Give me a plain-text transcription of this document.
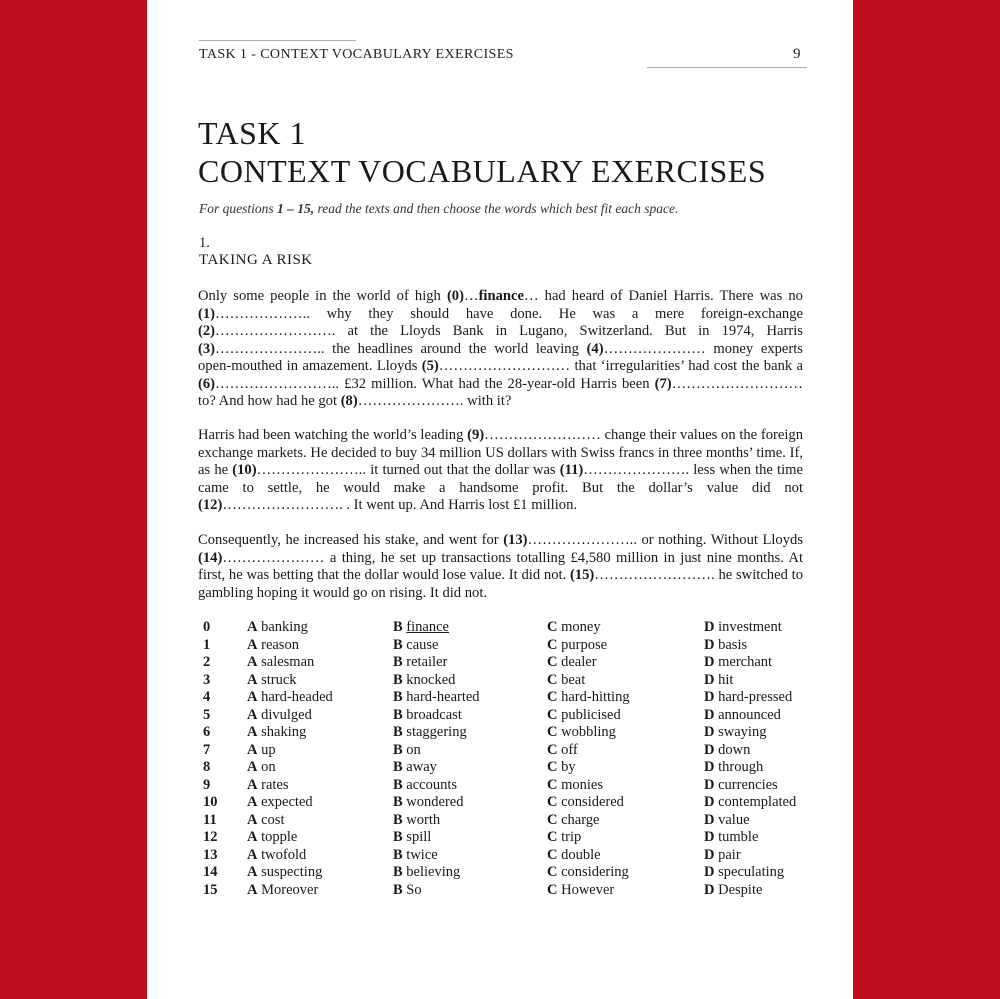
TASK 1 - CONTEXT VOCABULARY EXERCISES	9
TASK 1
CONTEXT VOCABULARY EXERCISES
For questions 1 – 15, read the texts and then choose the words which best fit each space.
1.
TAKING A RISK

Only some people in the world of high (0)…finance… had heard of Daniel Harris. There was no (1)……………….. why they should have done. He was a mere foreign-exchange (2)……………………. at the Lloyds Bank in Lugano, Switzerland. But in 1974, Harris (3)………………….. the headlines around the world leaving (4)………………… money experts open-mouthed in amazement. Lloyds (5)……………………… that ‘irregularities’ had cost the bank a (6)…………………….. £32 million. What had the 28-year-old Harris been (7)……………………… to? And how had he got (8)…………………. with it?

Harris had been watching the world’s leading (9)…………………… change their values on the foreign exchange markets. He decided to buy 34 million US dollars with Swiss francs in three months’ time. If, as he (10)………………….. it turned out that the dollar was (11)…………………. less when the time came to settle, he would make a handsome profit. But the dollar’s value did not (12)……………………. . It went up. And Harris lost £1 million.

Consequently, he increased his stake, and went for (13)………………….. or nothing. Without Lloyds (14)………………… a thing, he set up transactions totalling £4,580 million in just nine months. At first, he was betting that the dollar would lose value. It did not. (15)……………………. he switched to gambling hoping it would go on rising. It did not.

0	A banking	B finance	C money	D investment
1	A reason	B cause	C purpose	D basis
2	A salesman	B retailer	C dealer	D merchant
3	A struck	B knocked	C beat	D hit
4	A hard-headed	B hard-hearted	C hard-hitting	D hard-pressed
5	A divulged	B broadcast	C publicised	D announced
6	A shaking	B staggering	C wobbling	D swaying
7	A up	B on	C off	D down
8	A on	B away	C by	D through
9	A rates	B accounts	C monies	D currencies
10	A expected	B wondered	C considered	D contemplated
11	A cost	B worth	C charge	D value
12	A topple	B spill	C trip	D tumble
13	A twofold	B twice	C double	D pair
14	A suspecting	B believing	C considering	D speculating
15	A Moreover	B So	C However	D Despite
